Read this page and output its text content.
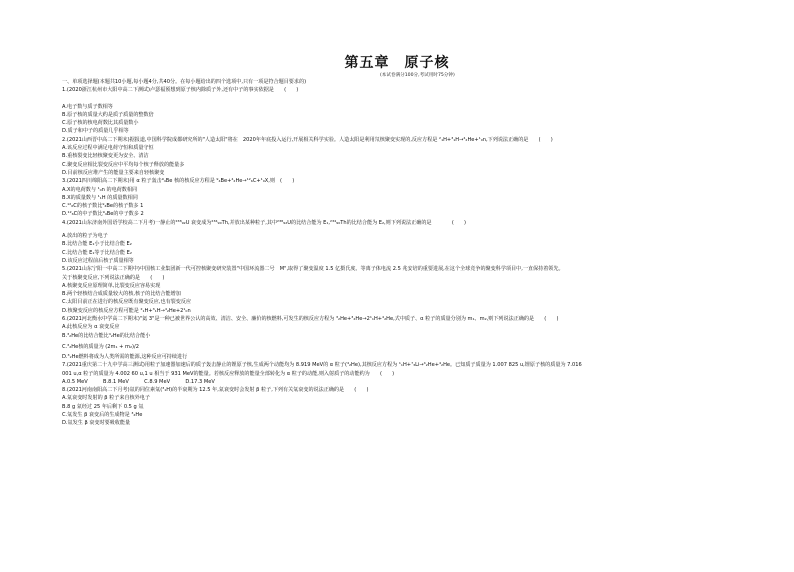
第五章　原子核
(本试卷满分100分,考试用时75分钟)
一、单项选择题(本题共10小题,每小题4分,共40分。在每小题给出的四个选项中,只有一项是符合题目要求的)
1.(2020浙江杭州市大阳中高二下测试)卢瑟福预想到原子核内除质子外,还有中子的事实依据是　　(　　)
A.电子数与质子数相等
B.原子核的质量大约是质子质量的整数倍
C.原子核的核电荷数比其质量数小
D.质子和中子的质量几乎相等
2.(2021山西晋中高二下期末)据报道,中国科学院成都研究所的"人造太阳"将在　2020年年底投入运行,开展相关科学实验。人造太阳是利用氘核聚变实现的,反应方程是 ²₁H+³₁H→⁴₂He+¹₀n,下列说法正确的是　　(　　)
A.该反应过程中满足电荷守恒和质量守恒
B.重核裂变比轻核聚变更为安全、清洁
C.聚变反应相比裂变反应中平均每个核子释放的能量多
D.目前核反应堆产生的能量主要来自轻核聚变
3.(2021四川绵阳高二下期末)用 α 粒子轰击⁹₄Be 核的核反应方程是 ⁹₄Be+⁴₂He→¹²₆C+¹₀X,则　(　　)
A.X的电荷数与 ¹₀n 的电荷数相同
B.X的质量数与 ¹₁H 的质量数相同
C.¹²₆C的核子数比⁹₄Be的核子数多 1
D.¹²₆C的中子数比⁹₄Be的中子数多 2
4.(2021山东济南外国语学校高二下月考)一静止的²³⁸₉₂U 衰变成为²³⁴₉₀Th,并放出某种粒子,其中²³⁸₉₂U的比结合能为 E₁,²³⁴₉₀Th的比结合能为 E₂,则下列说法正确的是　　　　(　　)
A.放出的粒子为电子
B.比结合能 E₁小于比结合能 E₂
C.比结合能 E₁等于比结合能 E₂
D.该反应过程前后核子质量相等
5.(2021山东宁阳一中高二下期中)中国核工业集团新一代可控核聚变研究装置"中国环流器二号　M",取得了聚变温度 1.5 亿摄氏度、等离子体电流 2.5 兆安培的重要进展,在这个全球竞争的聚变科学项目中,一直保持着领先。
关于核聚变反应,下列说法正确的是　　(　　)
A.核聚变反应原理简单,比裂变反应容易实现
B.两个轻核结合成质量较大的核,核子的比结合能增加
C.太阳目前正在进行的核反应既有聚变反应,也有裂变反应
D.核聚变反应的核反应方程可能是 ²₁H+³₁H→⁴₂He+2¹₀n
6.(2021河北衡水中学高二下期末)"氦 3"是一种已被世界公认的高效、清洁、安全、廉价的核燃料,可发生的核反应方程为 ³₂He+³₂He→2¹₁H+⁴₂He,式中质子、α 粒子的质量分别为 m₁、m₂,则下列说法正确的是　　(　　)
A.此核反应为 α 衰变反应
B.³₂He的比结合能比⁴₂He的比结合能小
C.³₂He核的质量为 (2m₁ + m₂)/2
D.³₂He燃料将成为人类所需的能源,这种反应可持续进行
7.(2021重庆第二十九中学高三测试)用粒子加速器加速后的质子轰击静止的锂原子核,生成两个动能均为 8.919 MeV的 α 粒子(⁴₂He),其核反应方程为 ¹₁H+⁷₃Li→⁴₂He+⁴₂He。已知质子质量为 1.007 825 u,锂原子核的质量为 7.016
001 u,α 粒子的质量为 4.002 60 u,1 u 相当于 931 MeV的能量。若核反应释放的能量全部转化为 α 粒子的动能,则入射质子的动能约为　　(　　)
A.0.5 MeV　　　B.8.1 MeV　　　C.8.9 MeV　　　D.17.3 MeV
8.(2021河南南阳高二下月考)氚的同位素氚(³₁H)的半衰期为 12.5 年,氚衰变时会发射 β 粒子,下列有关氚衰变的说法正确的是　　(　　)
A.氚衰变时发射的 β 粒子来自核外电子
B.8 g 氚经过 25 年后剩下 0.5 g 氚
C.氚发生 β 衰变后的生成物是 ³₂He
D.氚发生 β 衰变时要吸收能量
